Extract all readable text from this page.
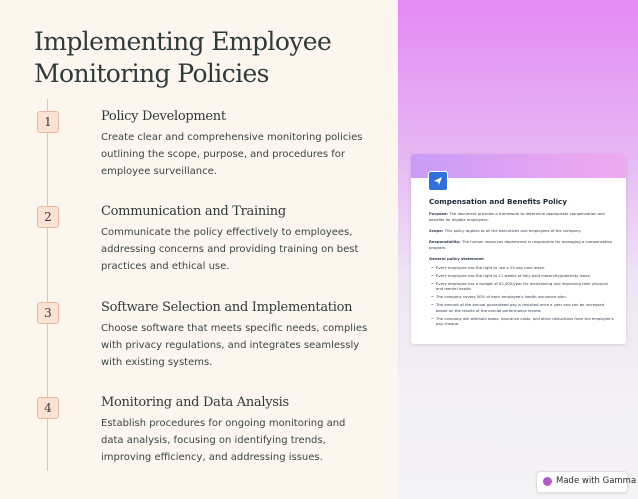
Implementing Employee
Monitoring Policies
1	Policy Development
Create clear and comprehensive monitoring policies outlining the scope, purpose, and procedures for employee surveillance.
2	Communication and Training
Communicate the policy effectively to employees, addressing concerns and providing training on best practices and ethical use.
3	Software Selection and Implementation
Choose software that meets specific needs, complies with privacy regulations, and integrates seamlessly with existing systems.
4	Monitoring and Data Analysis
Establish procedures for ongoing monitoring and data analysis, focusing on identifying trends, improving efficiency, and addressing issues.
Compensation and Benefits Policy
Purpose: The document provides a framework to determine appropriate compensation and benefits for eligible employees.
Scope: This policy applies to all the executives and employees of the company.
Responsibility: The human resources department is responsible for managing a compensation program.
General policy statement:
• Every employee has the right to use a 25-day paid leave.
• Every employee has the right to 11 weeks of fully paid maternity/paternity leave.
• Every employee has a budget of $2,400/year for maintaining and improving their physical and mental health.
• The company covers 50% of each employee's health insurance plan.
• The amount of the annual guaranteed pay is revisited once a year and can be increased based on the results of the annual performance review.
• The company will withhold taxes, insurance costs, and other deductions from the employee's pay cheque.
Made with Gamma
